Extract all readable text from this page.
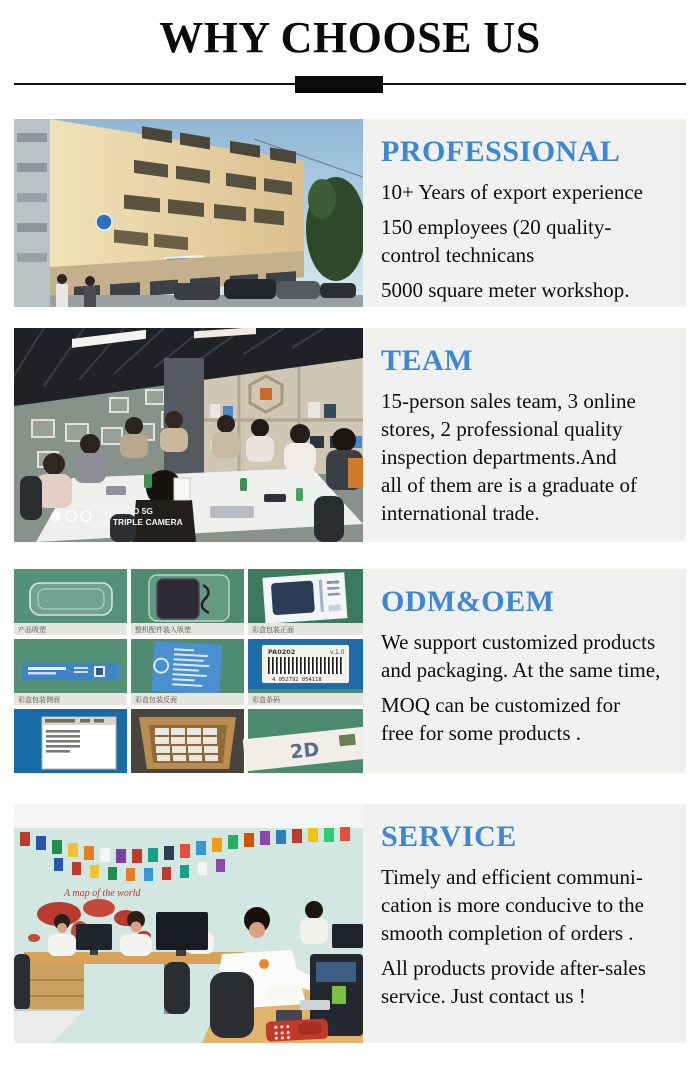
WHY CHOOSE US
PROFESSIONAL
10+ Years of export experience
150 employees (20 quality-
control technicans
5000 square meter workshop.
MI 9 PRO 5G
AI TRIPLE CAMERA
TEAM
15-person sales team, 3 online
stores, 2 professional quality
inspection departments.And
all of them are is a graduate of
international trade.
产品吸塑	整机配件装入吸塑	彩盒包装正面
彩盒包装侧面	彩盒包装反面
PA0202	v.1.0
4 052792 054118
彩盒条码
2D
ODM&OEM
We support customized products
and packaging. At the same time,
MOQ can be customized for
free for some products .
A map of the world
SERVICE
Timely and efficient communi-
cation is more conducive to the
smooth completion of orders .
All products provide after-sales
service. Just contact us !
